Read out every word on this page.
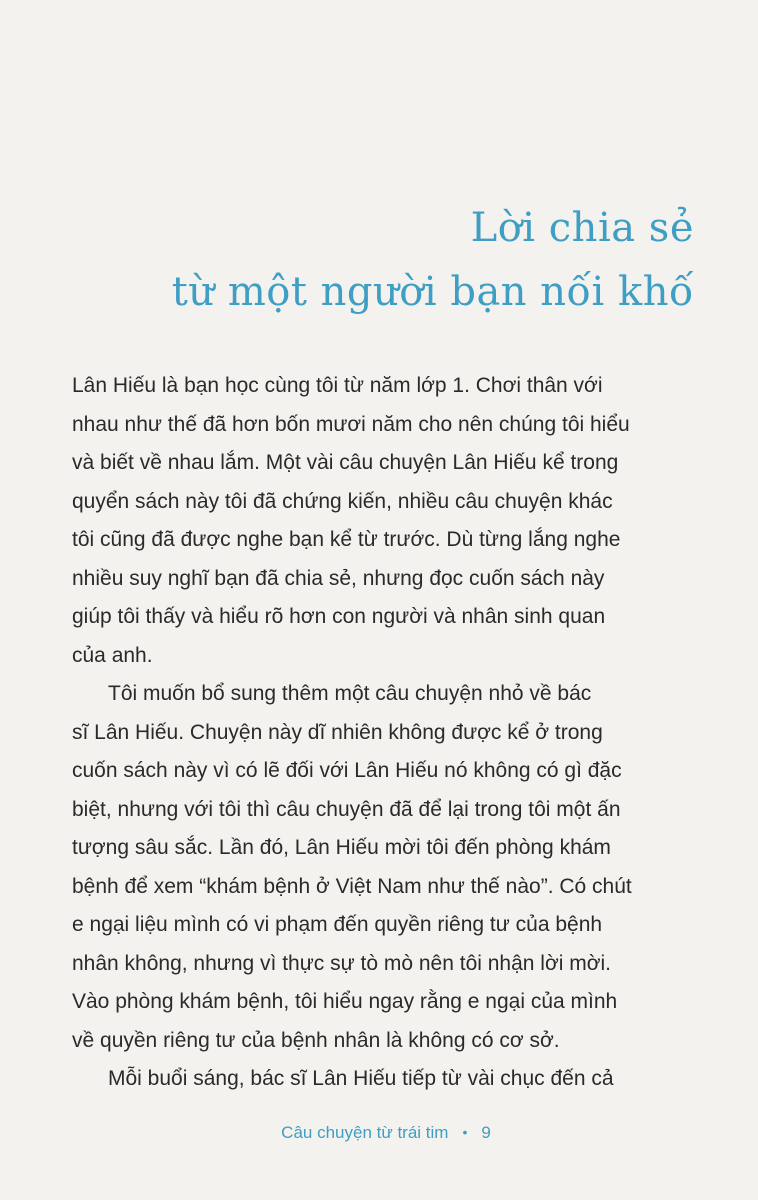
Lời chia sẻ
từ một người bạn nối khố
Lân Hiếu là bạn học cùng tôi từ năm lớp 1. Chơi thân với
nhau như thế đã hơn bốn mươi năm cho nên chúng tôi hiểu
và biết về nhau lắm. Một vài câu chuyện Lân Hiếu kể trong
quyển sách này tôi đã chứng kiến, nhiều câu chuyện khác
tôi cũng đã được nghe bạn kể từ trước. Dù từng lắng nghe
nhiều suy nghĩ bạn đã chia sẻ, nhưng đọc cuốn sách này
giúp tôi thấy và hiểu rõ hơn con người và nhân sinh quan
của anh.
Tôi muốn bổ sung thêm một câu chuyện nhỏ về bác
sĩ Lân Hiếu. Chuyện này dĩ nhiên không được kể ở trong
cuốn sách này vì có lẽ đối với Lân Hiếu nó không có gì đặc
biệt, nhưng với tôi thì câu chuyện đã để lại trong tôi một ấn
tượng sâu sắc. Lần đó, Lân Hiếu mời tôi đến phòng khám
bệnh để xem “khám bệnh ở Việt Nam như thế nào”. Có chút
e ngại liệu mình có vi phạm đến quyền riêng tư của bệnh
nhân không, nhưng vì thực sự tò mò nên tôi nhận lời mời.
Vào phòng khám bệnh, tôi hiểu ngay rằng e ngại của mình
về quyền riêng tư của bệnh nhân là không có cơ sở.
Mỗi buổi sáng, bác sĩ Lân Hiếu tiếp từ vài chục đến cả
Câu chuyện từ trái tim • 9
